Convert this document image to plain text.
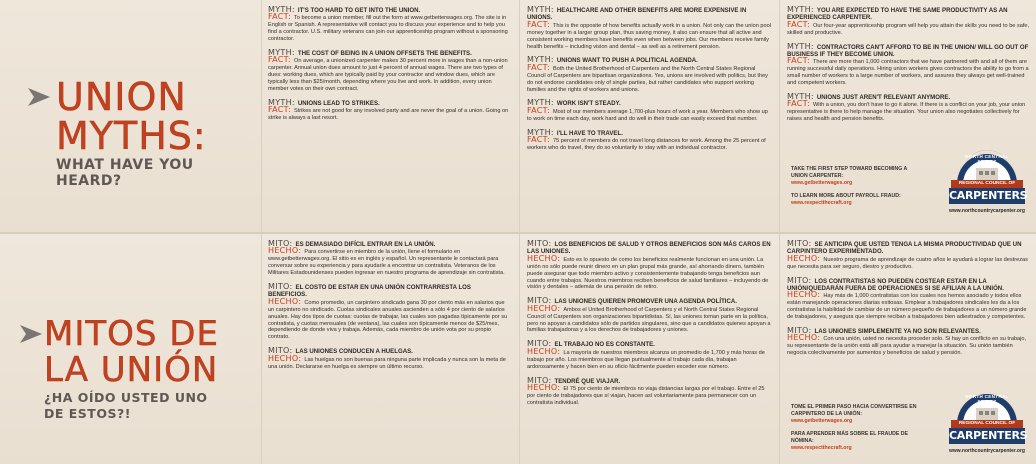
UNION
MYTHS:
WHAT HAVE YOU HEARD?
MYTH: IT'S TOO HARD TO GET INTO THE UNION.
FACT: To become a union member, fill out the form at www.getbetterwages.org. The site is in English or Spanish. A representative will contact you to discuss your experience and to help you find a contractor. U.S. military veterans can join our apprenticeship program without a sponsoring contractor.
MYTH: THE COST OF BEING IN A UNION OFFSETS THE BENEFITS.
FACT: On average, a unionized carpenter makes 30 percent more in wages than a non-union carpenter. Annual union dues amount to just 4 percent of annual wages. There are two types of dues: working dues, which are typically paid by your contractor and window dues, which are typically less than $25/month, depending where you live and work. In addition, every union member votes on their own contract.
MYTH: UNIONS LEAD TO STRIKES.
FACT: Strikes are not good for any involved party and are never the goal of a union. Going on strike is always a last resort.
MYTH: HEALTHCARE AND OTHER BENEFITS ARE MORE EXPENSIVE IN UNIONS.
FACT: This is the opposite of how benefits actually work in a union. Not only can the union pool money together in a larger group plan, thus saving money, it also can ensure that all active and consistent working members have benefits even when between jobs. Our members receive family health benefits – including vision and dental – as well as a retirement pension.
MYTH: UNIONS WANT TO PUSH A POLITICAL AGENDA.
FACT: Both the United Brotherhood of Carpenters and the North Central States Regional Council of Carpenters are bipartisan organizations. Yes, unions are involved with politics, but they do not endorse candidates only of single parties, but rather candidates who support working families and the rights of workers and unions.
MYTH: WORK ISN'T STEADY.
FACT: Most of our members average 1,700-plus hours of work a year. Members who show up to work on time each day, work hard and do well in their trade can easily exceed that number.
MYTH: I'LL HAVE TO TRAVEL.
FACT: 75 percent of members do not travel long distances for work. Among the 25 percent of workers who do travel, they do so voluntarily to stay with an individual contractor.
MYTH: YOU ARE EXPECTED TO HAVE THE SAME PRODUCTIVITY AS AN EXPERIENCED CARPENTER.
FACT: Our four-year apprenticeship program will help you attain the skills you need to be safe, skilled and productive.
MYTH: CONTRACTORS CAN'T AFFORD TO BE IN THE UNION/ WILL GO OUT OF BUSINESS IF THEY BECOME UNION.
FACT: There are more than 1,000 contractors that we have partnered with and all of them are running successful daily operations. Hiring union workers gives contractors the ability to go from a small number of workers to a large number of workers, and assures they always get well-trained and competent workers.
MYTH: UNIONS JUST AREN'T RELEVANT ANYMORE.
FACT: With a union, you don't have to go it alone. If there is a conflict on your job, your union representative is there to help manage the situation. Your union also negotiates collectively for raises and health and pension benefits.
TAKE THE FIRST STEP TOWARD BECOMING A UNION CARPENTER:
www.getbetterwages.org
TO LEARN MORE ABOUT PAYROLL FRAUD:
www.respectthecraft.org
NORTH CENTRAL STATES
REGIONAL COUNCIL OF
CARPENTERS
www.northcountrycarpenter.org
MITOS DE
LA UNIÓN
¿HA OÍDO USTED UNO
DE ESTOS?!
MITO: ES DEMASIADO DIFÍCIL ENTRAR EN LA UNIÓN.
HECHO: Para convertirse en miembro de la unión, llene el formulario en www.getbetterwages.org. El sitio es en inglés y español. Un representante le contactará para conversar sobre su experiencia y para ayudarle a encontrar un contratista. Veteranos de los Militares Estadounidenses pueden ingresar en nuestro programa de aprendizaje sin contratista.
MITO: EL COSTO DE ESTAR EN UNA UNIÓN CONTRARRESTA LOS BENEFICIOS.
HECHO: Como promedio, un carpintero sindicado gana 30 por ciento más en salarios que un carpintero no sindicado. Cuotas sindicales anuales ascienden a sólo 4 por ciento de salarios anuales. Hay dos tipos de cuotas: cuotas de trabajar, las cuales son pagadas típicamente por su contratista, y cuotas mensuales (de ventana), las cuales son típicamente menos de $25/mes, dependiendo de donde viva y trabaja. Además, cada miembro de unión vota por su propio contrato.
MITO: LAS UNIONES CONDUCEN A HUELGAS.
HECHO: Las huelgas no son buenas para ninguna parte implicada y nunca son la meta de una unión. Declararse en huelga es siempre un último recurso.
MITO: LOS BENEFICIOS DE SALUD Y OTROS BENEFICIOS SON MÁS CAROS EN LAS UNIONES.
HECHO: Esto es lo opuesto de como los beneficios realmente funcionan en una unión. La unión no sólo puede reunir dinero en un plan grupal más grande, así ahorrando dinero, también puede asegurar que todo miembro activo y consistentemente trabajando tenga beneficios aun cuando entre trabajos. Nuestros miembros reciben beneficios de salud familiares – incluyendo de visión y dentales – además de una pensión de retiro.
MITO: LAS UNIONES QUIEREN PROMOVER UNA AGENDA POLÍTICA.
HECHO: Ambos el United Brotherhood of Carpenters y el North Central States Regional Council of Carpenters son organizaciones bipartidistas. Sí, las uniones toman parte en la política, pero no apoyan a candidatos sólo de partidos singulares, sino que a candidatos quienes apoyan a familias trabajadoras y a los derechos de trabajadores y uniones.
MITO: EL TRABAJO NO ES CONSTANTE.
HECHO: La mayoría de nuestros miembros alcanza un promedio de 1,700 y más horas de trabajo por año. Los miembros que llegan puntualmente al trabajo cada día, trabajan ardorosamente y hacen bien en su oficio fácilmente pueden exceder ese número.
MITO: TENDRÉ QUE VIAJAR.
HECHO: El 75 por ciento de miembros no viaja distancias largas por el trabajo. Entre el 25 por ciento de trabajadores que sí viajan, hacen así voluntariamente para permanecer con un contratista individual.
MITO: SE ANTICIPA QUE USTED TENGA LA MISMA PRODUCTIVIDAD QUE UN CARPINTERO EXPERIMENTADO.
HECHO: Nuestro programa de aprendizaje de cuatro años le ayudará a lograr las destrezas que necesita para ser seguro, diestro y productivo.
MITO: LOS CONTRATISTAS NO PUEDEN COSTEAR ESTAR EN LA UNIÓN/QUEDARÁN FUERA DE OPERACIONES SI SE AFILIAN A LA UNIÓN.
HECHO: Hay más de 1,000 contratistas con los cuales nos hemos asociado y todos ellos están manejando operaciones diarias exitosas. Emplear a trabajadores sindicales les da a los contratistas la habilidad de cambiar de un número pequeño de trabajadores a un número grande de trabajadores, y asegura que siempre reciban a trabajadores bien adiestrados y competentes.
MITO: LAS UNIONES SIMPLEMENTE YA NO SON RELEVANTES.
HECHO: Con una unión, usted no necesita proceder solo. Si hay un conflicto en su trabajo, su representante de la unión está allí para ayudar a manejar la situación. Su unión también negocia colectivamente por aumentos y beneficios de salud y pensión.
TOME EL PRIMER PASO HACIA CONVERTIRSE EN CARPINTERO DE LA UNIÓN:
www.getbetterwages.org
PARA APRENDER MÁS SOBRE EL FRAUDE DE NÓMINA:
www.respectthecraft.org
NORTH CENTRAL STATES
REGIONAL COUNCIL OF
CARPENTERS
www.northcountrycarpenter.org
